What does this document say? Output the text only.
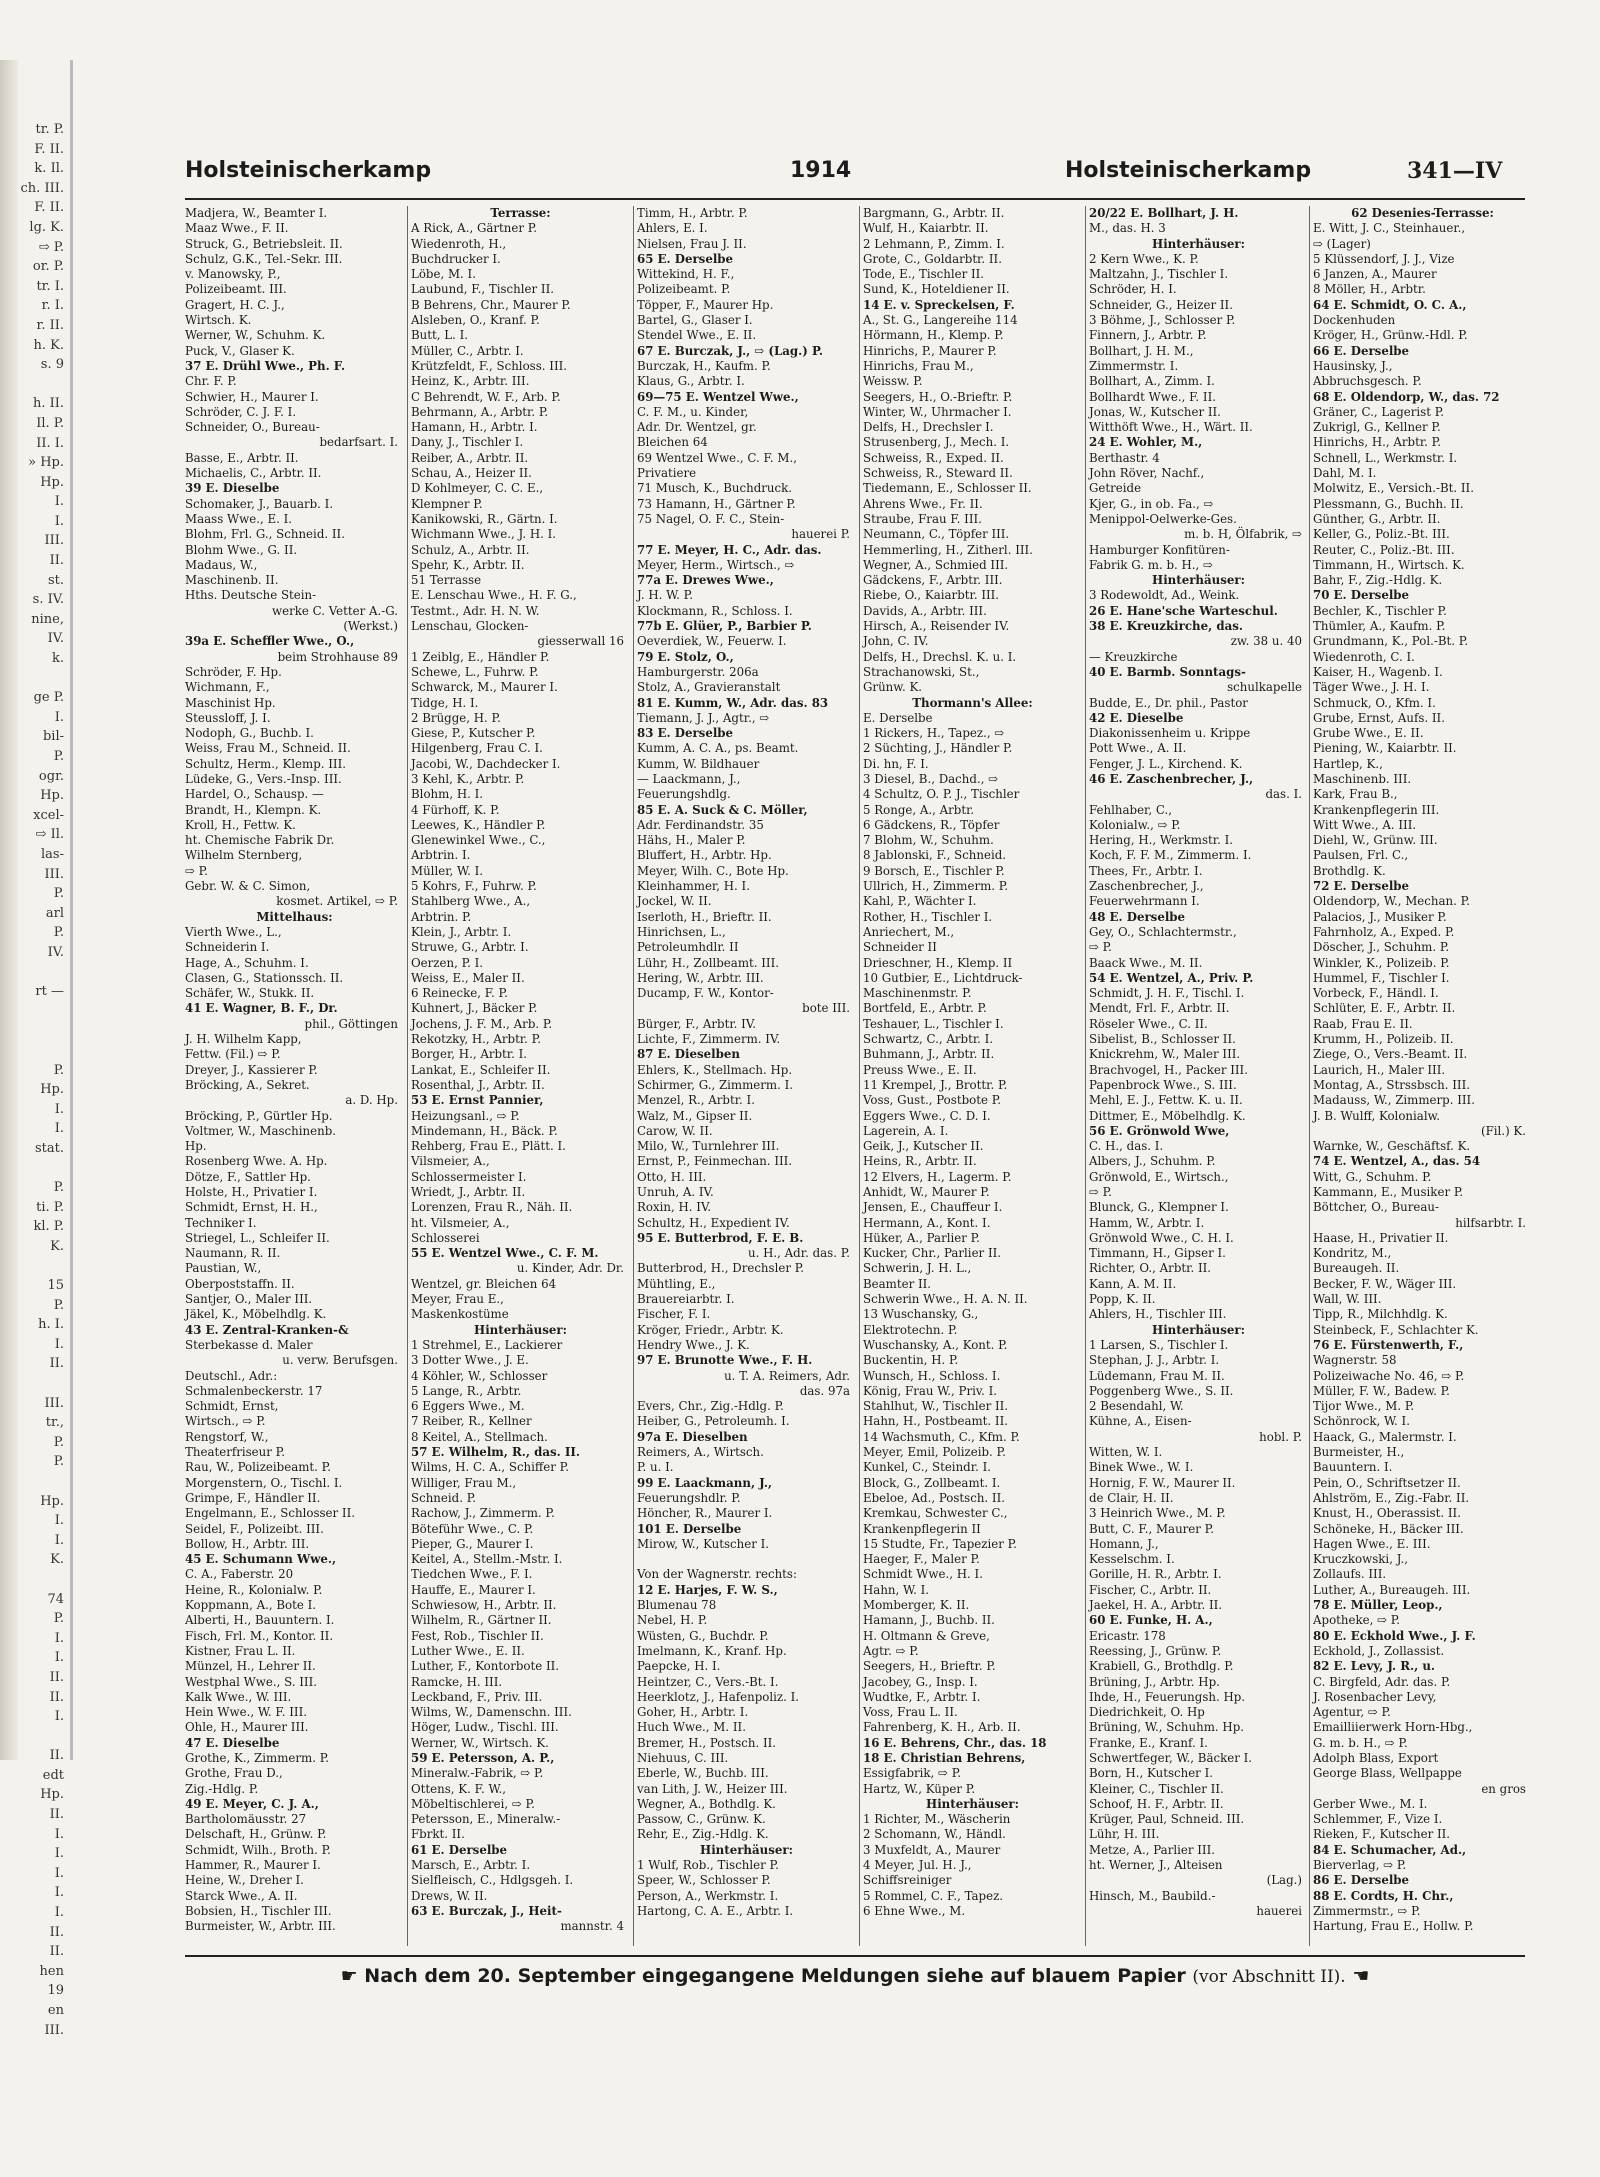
tr. P.
F. II.
k. Il.
ch. III.
F. II.
lg. K.
⇨ P.
or. P.
tr. I.
r. I.
r. II.
h. K.
s. 9
h. II.
Il. P.
II. I.
» Hp.
Hp.
I.
I.
III.
II.
st.
s. IV.
nine,
IV.
k.
ge P.
I.
bil-
P.
ogr.
Hp.
xcel-
⇨ Il.
las-
III.
P.
arl
P.
IV.
rt —
P.
Hp.
I.
I.
stat.
P.
ti. P.
kl. P.
K.
15
P.
h. I.
I.
II.
III.
tr.,
P.
P.
Hp.
I.
I.
K.
74
P.
I.
I.
II.
II.
I.
II.
edt
Hp.
II.
I.
I.
I.
I.
I.
II.
II.
hen
19
en
III.
Holsteinischerkamp	1914	Holsteinischerkamp	341—IV
Madjera, W., Beamter I.
Maaz Wwe., F. II.
Struck, G., Betriebsleit. II.
Schulz, G.K., Tel.-Sekr. III.
v. Manowsky, P.,
Polizeibeamt. III.
Gragert, H. C. J.,
Wirtsch. K.
Werner, W., Schuhm. K.
Puck, V., Glaser K.
37 E. Drühl Wwe., Ph. F.
Chr. F. P.
Schwier, H., Maurer I.
Schröder, C. J. F. I.
Schneider, O., Bureau-
bedarfsart. I.
Basse, E., Arbtr. II.
Michaelis, C., Arbtr. II.
39 E. Dieselbe
Schomaker, J., Bauarb. I.
Maass Wwe., E. I.
Blohm, Frl. G., Schneid. II.
Blohm Wwe., G. II.
Madaus, W.,
Maschinenb. II.
Hths. Deutsche Stein-
werke C. Vetter A.-G.
(Werkst.)
39a E. Scheffler Wwe., O.,
beim Strohhause 89
Schröder, F. Hp.
Wichmann, F.,
Maschinist Hp.
Steussloff, J. I.
Nodoph, G., Buchb. I.
Weiss, Frau M., Schneid. II.
Schultz, Herm., Klemp. III.
Lüdeke, G., Vers.-Insp. III.
Hardel, O., Schausp. —
Brandt, H., Klempn. K.
Kroll, H., Fettw. K.
ht. Chemische Fabrik Dr.
Wilhelm Sternberg,
⇨ P.
Gebr. W. & C. Simon,
kosmet. Artikel, ⇨ P.
Mittelhaus:
Vierth Wwe., L.,
Schneiderin I.
Hage, A., Schuhm. I.
Clasen, G., Stationssch. II.
Schäfer, W., Stukk. II.
41 E. Wagner, B. F., Dr.
phil., Göttingen
J. H. Wilhelm Kapp,
Fettw. (Fil.) ⇨ P.
Dreyer, J., Kassierer P.
Bröcking, A., Sekret.
a. D. Hp.
Bröcking, P., Gürtler Hp.
Voltmer, W., Maschinenb.
Hp.
Rosenberg Wwe. A. Hp.
Dötze, F., Sattler Hp.
Holste, H., Privatier I.
Schmidt, Ernst, H. H.,
Techniker I.
Striegel, L., Schleifer II.
Naumann, R. II.
Paustian, W.,
Oberpoststaffn. II.
Santjer, O., Maler III.
Jäkel, K., Möbelhdlg. K.
43 E. Zentral-Kranken-&
Sterbekasse d. Maler
u. verw. Berufsgen.
Deutschl., Adr.:
Schmalenbeckerstr. 17
Schmidt, Ernst,
Wirtsch., ⇨ P.
Rengstorf, W.,
Theaterfriseur P.
Rau, W., Polizeibeamt. P.
Morgenstern, O., Tischl. I.
Grimpe, F., Händler II.
Engelmann, E., Schlosser II.
Seidel, F., Polizeibt. III.
Bollow, H., Arbtr. III.
45 E. Schumann Wwe.,
C. A., Faberstr. 20
Heine, R., Kolonialw. P.
Koppmann, A., Bote I.
Alberti, H., Bauuntern. I.
Fisch, Frl. M., Kontor. II.
Kistner, Frau L. II.
Münzel, H., Lehrer II.
Westphal Wwe., S. III.
Kalk Wwe., W. III.
Hein Wwe., W. F. III.
Ohle, H., Maurer III.
47 E. Dieselbe
Grothe, K., Zimmerm. P.
Grothe, Frau D.,
Zig.-Hdlg. P.
49 E. Meyer, C. J. A.,
Bartholomäusstr. 27
Delschaft, H., Grünw. P.
Schmidt, Wilh., Broth. P.
Hammer, R., Maurer I.
Heine, W., Dreher I.
Starck Wwe., A. II.
Bobsien, H., Tischler III.
Burmeister, W., Arbtr. III.
Terrasse:
A Rick, A., Gärtner P.
Wiedenroth, H.,
Buchdrucker I.
Löbe, M. I.
Laubund, F., Tischler II.
B Behrens, Chr., Maurer P.
Alsleben, O., Kranf. P.
Butt, L. I.
Müller, C., Arbtr. I.
Krützfeldt, F., Schloss. III.
Heinz, K., Arbtr. III.
C Behrendt, W. F., Arb. P.
Behrmann, A., Arbtr. P.
Hamann, H., Arbtr. I.
Dany, J., Tischler I.
Reiber, A., Arbtr. II.
Schau, A., Heizer II.
D Kohlmeyer, C. C. E.,
Klempner P.
Kanikowski, R., Gärtn. I.
Wichmann Wwe., J. H. I.
Schulz, A., Arbtr. II.
Spehr, K., Arbtr. II.
51 Terrasse
E. Lenschau Wwe., H. F. G.,
Testmt., Adr. H. N. W.
Lenschau, Glocken-
giesserwall 16
1 Zeiblg, E., Händler P.
Schewe, L., Fuhrw. P.
Schwarck, M., Maurer I.
Tidge, H. I.
2 Brügge, H. P.
Giese, P., Kutscher P.
Hilgenberg, Frau C. I.
Jacobi, W., Dachdecker I.
3 Kehl, K., Arbtr. P.
Blohm, H. I.
4 Fürhoff, K. P.
Leewes, K., Händler P.
Glenewinkel Wwe., C.,
Arbtrin. I.
Müller, W. I.
5 Kohrs, F., Fuhrw. P.
Stahlberg Wwe., A.,
Arbtrin. P.
Klein, J., Arbtr. I.
Struwe, G., Arbtr. I.
Oerzen, P. I.
Weiss, E., Maler II.
6 Reinecke, F. P.
Kuhnert, J., Bäcker P.
Jochens, J. F. M., Arb. P.
Rekotzky, H., Arbtr. P.
Borger, H., Arbtr. I.
Lankat, E., Schleifer II.
Rosenthal, J., Arbtr. II.
53 E. Ernst Pannier,
Heizungsanl., ⇨ P.
Mindemann, H., Bäck. P.
Rehberg, Frau E., Plätt. I.
Vilsmeier, A.,
Schlossermeister I.
Wriedt, J., Arbtr. II.
Lorenzen, Frau R., Näh. II.
ht. Vilsmeier, A.,
Schlosserei
55 E. Wentzel Wwe., C. F. M.
u. Kinder, Adr. Dr.
Wentzel, gr. Bleichen 64
Meyer, Frau E.,
Maskenkostüme
Hinterhäuser:
1 Strehmel, E., Lackierer
3 Dotter Wwe., J. E.
4 Köhler, W., Schlosser
5 Lange, R., Arbtr.
6 Eggers Wwe., M.
7 Reiber, R., Kellner
8 Keitel, A., Stellmach.
57 E. Wilhelm, R., das. II.
Wilms, H. C. A., Schiffer P.
Williger, Frau M.,
Schneid. P.
Rachow, J., Zimmerm. P.
Böteführ Wwe., C. P.
Pieper, G., Maurer I.
Keitel, A., Stellm.-Mstr. I.
Tiedchen Wwe., F. I.
Hauffe, E., Maurer I.
Schwiesow, H., Arbtr. II.
Wilhelm, R., Gärtner II.
Fest, Rob., Tischler II.
Luther Wwe., E. II.
Luther, F., Kontorbote II.
Ramcke, H. III.
Leckband, F., Priv. III.
Wilms, W., Damenschn. III.
Höger, Ludw., Tischl. III.
Werner, W., Wirtsch. K.
59 E. Petersson, A. P.,
Mineralw.-Fabrik, ⇨ P.
Ottens, K. F. W.,
Möbeltischlerei, ⇨ P.
Petersson, E., Mineralw.-
Fbrkt. II.
61 E. Derselbe
Marsch, E., Arbtr. I.
Sielfleisch, C., Hdlgsgeh. I.
Drews, W. II.
63 E. Burczak, J., Heit-
mannstr. 4
Timm, H., Arbtr. P.
Ahlers, E. I.
Nielsen, Frau J. II.
65 E. Derselbe
Wittekind, H. F.,
Polizeibeamt. P.
Töpper, F., Maurer Hp.
Bartel, G., Glaser I.
Stendel Wwe., E. II.
67 E. Burczak, J., ⇨ (Lag.) P.
Burczak, H., Kaufm. P.
Klaus, G., Arbtr. I.
69—75 E. Wentzel Wwe.,
C. F. M., u. Kinder,
Adr. Dr. Wentzel, gr.
Bleichen 64
69 Wentzel Wwe., C. F. M.,
Privatiere
71 Musch, K., Buchdruck.
73 Hamann, H., Gärtner P.
75 Nagel, O. F. C., Stein-
hauerei P.
77 E. Meyer, H. C., Adr. das.
Meyer, Herm., Wirtsch., ⇨
77a E. Drewes Wwe.,
J. H. W. P.
Klockmann, R., Schloss. I.
77b E. Glüer, P., Barbier P.
Oeverdiek, W., Feuerw. I.
79 E. Stolz, O.,
Hamburgerstr. 206a
Stolz, A., Gravieranstalt
81 E. Kumm, W., Adr. das. 83
Tiemann, J. J., Agtr., ⇨
83 E. Derselbe
Kumm, A. C. A., ps. Beamt.
Kumm, W. Bildhauer
— Laackmann, J.,
Feuerungshdlg.
85 E. A. Suck & C. Möller,
Adr. Ferdinandstr. 35
Hähs, H., Maler P.
Bluffert, H., Arbtr. Hp.
Meyer, Wilh. C., Bote Hp.
Kleinhammer, H. I.
Jockel, W. II.
Iserloth, H., Brieftr. II.
Hinrichsen, L.,
Petroleumhdlr. II
Lühr, H., Zollbeamt. III.
Hering, W., Arbtr. III.
Ducamp, F. W., Kontor-
bote III.
Bürger, F., Arbtr. IV.
Lichte, F., Zimmerm. IV.
87 E. Dieselben
Ehlers, K., Stellmach. Hp.
Schirmer, G., Zimmerm. I.
Menzel, R., Arbtr. I.
Walz, M., Gipser II.
Carow, W. II.
Milo, W., Turnlehrer III.
Ernst, P., Feinmechan. III.
Otto, H. III.
Unruh, A. IV.
Roxin, H. IV.
Schultz, H., Expedient IV.
95 E. Butterbrod, F. E. B.
u. H., Adr. das. P.
Butterbrod, H., Drechsler P.
Mühtling, E.,
Brauereiarbtr. I.
Fischer, F. I.
Kröger, Friedr., Arbtr. K.
Hendry Wwe., J. K.
97 E. Brunotte Wwe., F. H.
u. T. A. Reimers, Adr.
das. 97a
Evers, Chr., Zig.-Hdlg. P.
Heiber, G., Petroleumh. I.
97a E. Dieselben
Reimers, A., Wirtsch.
P. u. I.
99 E. Laackmann, J.,
Feuerungshdlr. P.
Höncher, R., Maurer I.
101 E. Derselbe
Mirow, W., Kutscher I.
Von der Wagnerstr. rechts:
12 E. Harjes, F. W. S.,
Blumenau 78
Nebel, H. P.
Wüsten, G., Buchdr. P.
Imelmann, K., Kranf. Hp.
Paepcke, H. I.
Heintzer, C., Vers.-Bt. I.
Heerklotz, J., Hafenpoliz. I.
Goher, H., Arbtr. I.
Huch Wwe., M. II.
Bremer, H., Postsch. II.
Niehuus, C. III.
Eberle, W., Buchb. III.
van Lith, J. W., Heizer III.
Wegner, A., Bothdlg. K.
Passow, C., Grünw. K.
Rehr, E., Zig.-Hdlg. K.
Hinterhäuser:
1 Wulf, Rob., Tischler P.
Speer, W., Schlosser P.
Person, A., Werkmstr. I.
Hartong, C. A. E., Arbtr. I.
Bargmann, G., Arbtr. II.
Wulf, H., Kaiarbtr. II.
2 Lehmann, P., Zimm. I.
Grote, C., Goldarbtr. II.
Tode, E., Tischler II.
Sund, K., Hoteldiener II.
14 E. v. Spreckelsen, F.
A., St. G., Langereihe 114
Hörmann, H., Klemp. P.
Hinrichs, P., Maurer P.
Hinrichs, Frau M.,
Weissw. P.
Seegers, H., O.-Brieftr. P.
Winter, W., Uhrmacher I.
Delfs, H., Drechsler I.
Strusenberg, J., Mech. I.
Schweiss, R., Exped. II.
Schweiss, R., Steward II.
Tiedemann, E., Schlosser II.
Ahrens Wwe., Fr. II.
Straube, Frau F. III.
Neumann, C., Töpfer III.
Hemmerling, H., Zitherl. III.
Wegner, A., Schmied III.
Gädckens, F., Arbtr. III.
Riebe, O., Kaiarbtr. III.
Davids, A., Arbtr. III.
Hirsch, A., Reisender IV.
John, C. IV.
Delfs, H., Drechsl. K. u. I.
Strachanowski, St.,
Grünw. K.
Thormann's Allee:
E. Derselbe
1 Rickers, H., Tapez., ⇨
2 Süchting, J., Händler P.
Di. hn, F. I.
3 Diesel, B., Dachd., ⇨
4 Schultz, O. P. J., Tischler
5 Ronge, A., Arbtr.
6 Gädckens, R., Töpfer
7 Blohm, W., Schuhm.
8 Jablonski, F., Schneid.
9 Borsch, E., Tischler P.
Ullrich, H., Zimmerm. P.
Kahl, P., Wächter I.
Rother, H., Tischler I.
Anriechert, M.,
Schneider II
Drieschner, H., Klemp. II
10 Gutbier, E., Lichtdruck-
Maschinenmstr. P.
Bortfeld, E., Arbtr. P.
Teshauer, L., Tischler I.
Schwartz, C., Arbtr. I.
Buhmann, J., Arbtr. II.
Preuss Wwe., E. II.
11 Krempel, J., Brottr. P.
Voss, Gust., Postbote P.
Eggers Wwe., C. D. I.
Lagerein, A. I.
Geik, J., Kutscher II.
Heins, R., Arbtr. II.
12 Elvers, H., Lagerm. P.
Anhidt, W., Maurer P.
Jensen, E., Chauffeur I.
Hermann, A., Kont. I.
Hüker, A., Parlier P.
Kucker, Chr., Parlier II.
Schwerin, J. H. L.,
Beamter II.
Schwerin Wwe., H. A. N. II.
13 Wuschansky, G.,
Elektrotechn. P.
Wuschansky, A., Kont. P.
Buckentin, H. P.
Wunsch, H., Schloss. I.
König, Frau W., Priv. I.
Stahlhut, W., Tischler II.
Hahn, H., Postbeamt. II.
14 Wachsmuth, C., Kfm. P.
Meyer, Emil, Polizeib. P.
Kunkel, C., Steindr. I.
Block, G., Zollbeamt. I.
Ebeloe, Ad., Postsch. II.
Kremkau, Schwester C.,
Krankenpflegerin II
15 Studte, Fr., Tapezier P.
Haeger, F., Maler P.
Schmidt Wwe., H. I.
Hahn, W. I.
Momberger, K. II.
Hamann, J., Buchb. II.
H. Oltmann & Greve,
Agtr. ⇨ P.
Seegers, H., Brieftr. P.
Jacobey, G., Insp. I.
Wudtke, F., Arbtr. I.
Voss, Frau L. II.
Fahrenberg, K. H., Arb. II.
16 E. Behrens, Chr., das. 18
18 E. Christian Behrens,
Essigfabrik, ⇨ P.
Hartz, W., Küper P.
Hinterhäuser:
1 Richter, M., Wäscherin
2 Schomann, W., Händl.
3 Muxfeldt, A., Maurer
4 Meyer, Jul. H. J.,
Schiffsreiniger
5 Rommel, C. F., Tapez.
6 Ehne Wwe., M.
20/22 E. Bollhart, J. H.
M., das. H. 3
Hinterhäuser:
2 Kern Wwe., K. P.
Maltzahn, J., Tischler I.
Schröder, H. I.
Schneider, G., Heizer II.
3 Böhme, J., Schlosser P.
Finnern, J., Arbtr. P.
Bollhart, J. H. M.,
Zimmermstr. I.
Bollhart, A., Zimm. I.
Bollhardt Wwe., F. II.
Jonas, W., Kutscher II.
Witthöft Wwe., H., Wärt. II.
24 E. Wohler, M.,
Berthastr. 4
John Röver, Nachf.,
Getreide
Kjer, G., in ob. Fa., ⇨
Menippol-Oelwerke-Ges.
m. b. H, Ölfabrik, ⇨
Hamburger Konfitüren-
Fabrik G. m. b. H., ⇨
Hinterhäuser:
3 Rodewoldt, Ad., Weink.
26 E. Hane'sche Warteschul.
38 E. Kreuzkirche, das.
zw. 38 u. 40
— Kreuzkirche
40 E. Barmb. Sonntags-
schulkapelle
Budde, E., Dr. phil., Pastor
42 E. Dieselbe
Diakonissenheim u. Krippe
Pott Wwe., A. II.
Fenger, J. L., Kirchend. K.
46 E. Zaschenbrecher, J.,
das. I.
Fehlhaber, C.,
Kolonialw., ⇨ P.
Hering, H., Werkmstr. I.
Koch, F. F. M., Zimmerm. I.
Thees, Fr., Arbtr. I.
Zaschenbrecher, J.,
Feuerwehrmann I.
48 E. Derselbe
Gey, O., Schlachtermstr.,
⇨ P.
Baack Wwe., M. II.
54 E. Wentzel, A., Priv. P.
Schmidt, J. H. F., Tischl. I.
Mendt, Frl. F., Arbtr. II.
Röseler Wwe., C. II.
Sibelist, B., Schlosser II.
Knickrehm, W., Maler III.
Brachvogel, H., Packer III.
Papenbrock Wwe., S. III.
Mehl, E. J., Fettw. K. u. II.
Dittmer, E., Möbelhdlg. K.
56 E. Grönwold Wwe,
C. H., das. I.
Albers, J., Schuhm. P.
Grönwold, E., Wirtsch.,
⇨ P.
Blunck, G., Klempner I.
Hamm, W., Arbtr. I.
Grönwold Wwe., C. H. I.
Timmann, H., Gipser I.
Richter, O., Arbtr. II.
Kann, A. M. II.
Popp, K. II.
Ahlers, H., Tischler III.
Hinterhäuser:
1 Larsen, S., Tischler I.
Stephan, J. J., Arbtr. I.
Lüdemann, Frau M. II.
Poggenberg Wwe., S. II.
2 Besendahl, W.
Kühne, A., Eisen-
hobl. P.
Witten, W. I.
Binek Wwe., W. I.
Hornig, F. W., Maurer II.
de Clair, H. II.
3 Heinrich Wwe., M. P.
Butt, C. F., Maurer P.
Homann, J.,
Kesselschm. I.
Gorille, H. R., Arbtr. I.
Fischer, C., Arbtr. II.
Jaekel, H. A., Arbtr. II.
60 E. Funke, H. A.,
Ericastr. 178
Reessing, J., Grünw. P.
Krabiell, G., Brothdlg. P.
Brüning, J., Arbtr. Hp.
Ihde, H., Feuerungsh. Hp.
Diedrichkeit, O. Hp
Brüning, W., Schuhm. Hp.
Franke, E., Kranf. I.
Schwertfeger, W., Bäcker I.
Born, H., Kutscher I.
Kleiner, C., Tischler II.
Schoof, H. F., Arbtr. II.
Krüger, Paul, Schneid. III.
Lühr, H. III.
Metze, A., Parlier III.
ht. Werner, J., Alteisen
(Lag.)
Hinsch, M., Baubild.-
hauerei
62 Desenies-Terrasse:
E. Witt, J. C., Steinhauer.,
⇨ (Lager)
5 Klüssendorf, J. J., Vize
6 Janzen, A., Maurer
8 Möller, H., Arbtr.
64 E. Schmidt, O. C. A.,
Dockenhuden
Kröger, H., Grünw.-Hdl. P.
66 E. Derselbe
Hausinsky, J.,
Abbruchsgesch. P.
68 E. Oldendorp, W., das. 72
Gräner, C., Lagerist P.
Zukrigl, G., Kellner P.
Hinrichs, H., Arbtr. P.
Schnell, L., Werkmstr. I.
Dahl, M. I.
Molwitz, E., Versich.-Bt. II.
Plessmann, G., Buchh. II.
Günther, G., Arbtr. II.
Keller, G., Poliz.-Bt. III.
Reuter, C., Poliz.-Bt. III.
Timmann, H., Wirtsch. K.
Bahr, F., Zig.-Hdlg. K.
70 E. Derselbe
Bechler, K., Tischler P.
Thümler, A., Kaufm. P.
Grundmann, K., Pol.-Bt. P.
Wiedenroth, C. I.
Kaiser, H., Wagenb. I.
Täger Wwe., J. H. I.
Schmuck, O., Kfm. I.
Grube, Ernst, Aufs. II.
Grube Wwe., E. II.
Piening, W., Kaiarbtr. II.
Hartlep, K.,
Maschinenb. III.
Kark, Frau B.,
Krankenpflegerin III.
Witt Wwe., A. III.
Diehl, W., Grünw. III.
Paulsen, Frl. C.,
Brothdlg. K.
72 E. Derselbe
Oldendorp, W., Mechan. P.
Palacios, J., Musiker P.
Fahrnholz, A., Exped. P.
Döscher, J., Schuhm. P.
Winkler, K., Polizeib. P.
Hummel, F., Tischler I.
Vorbeck, F., Händl. I.
Schlüter, E. F., Arbtr. II.
Raab, Frau E. II.
Krumm, H., Polizeib. II.
Ziege, O., Vers.-Beamt. II.
Laurich, H., Maler III.
Montag, A., Strssbsch. III.
Madauss, W., Zimmerp. III.
J. B. Wulff, Kolonialw.
(Fil.) K.
Warnke, W., Geschäftsf. K.
74 E. Wentzel, A., das. 54
Witt, G., Schuhm. P.
Kammann, E., Musiker P.
Böttcher, O., Bureau-
hilfsarbtr. I.
Haase, H., Privatier II.
Kondritz, M.,
Bureaugeh. II.
Becker, F. W., Wäger III.
Wall, W. III.
Tipp, R., Milchhdlg. K.
Steinbeck, F., Schlachter K.
76 E. Fürstenwerth, F.,
Wagnerstr. 58
Polizeiwache No. 46, ⇨ P.
Müller, F. W., Badew. P.
Tijor Wwe., M. P.
Schönrock, W. I.
Haack, G., Malermstr. I.
Burmeister, H.,
Bauuntern. I.
Pein, O., Schriftsetzer II.
Ahlström, E., Zig.-Fabr. II.
Knust, H., Oberassist. II.
Schöneke, H., Bäcker III.
Hagen Wwe., E. III.
Kruczkowski, J.,
Zollaufs. III.
Luther, A., Bureaugeh. III.
78 E. Müller, Leop.,
Apotheke, ⇨ P.
80 E. Eckhold Wwe., J. F.
Eckhold, J., Zollassist.
82 E. Levy, J. R., u.
C. Birgfeld, Adr. das. P.
J. Rosenbacher Levy,
Agentur, ⇨ P.
Emailliierwerk Horn-Hbg.,
G. m. b. H., ⇨ P.
Adolph Blass, Export
George Blass, Wellpappe
en gros
Gerber Wwe., M. I.
Schlemmer, F., Vize I.
Rieken, F., Kutscher II.
84 E. Schumacher, Ad.,
Bierverlag, ⇨ P.
86 E. Derselbe
88 E. Cordts, H. Chr.,
Zimmermstr., ⇨ P.
Hartung, Frau E., Hollw. P.
☛ Nach dem 20. September eingegangene Meldungen siehe auf blauem Papier (vor Abschnitt II). ☚
